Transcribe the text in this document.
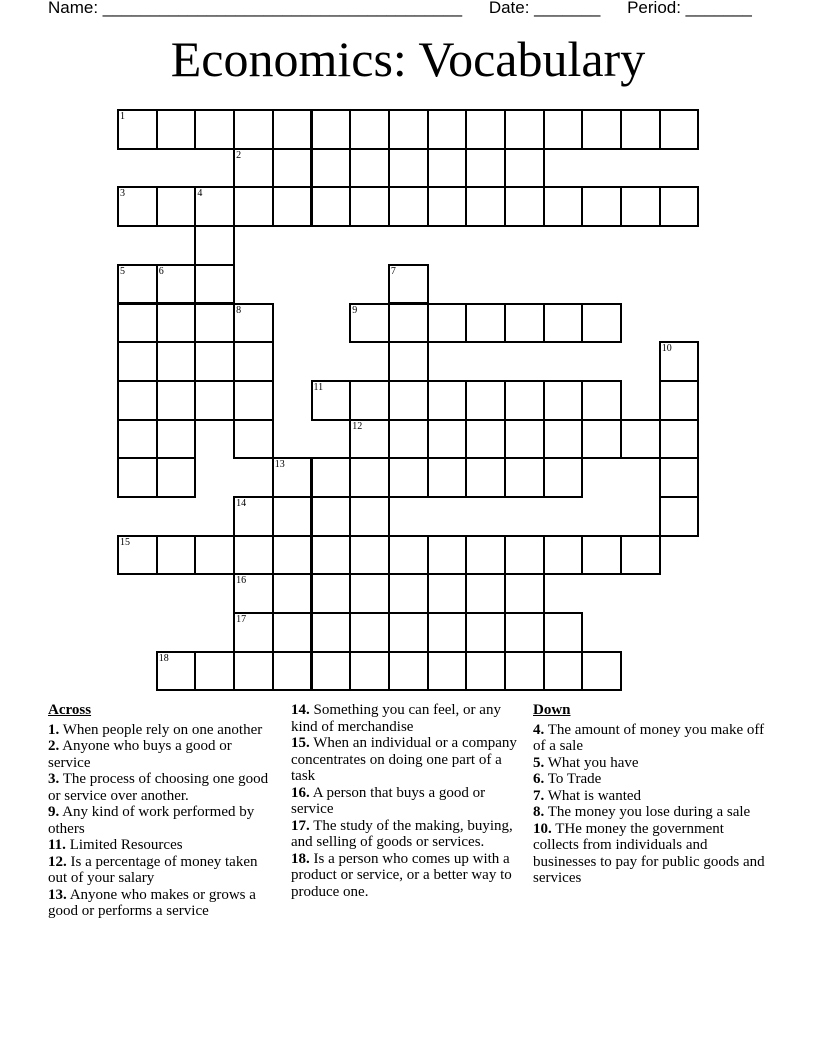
Name: ______________________________________ Date: _______ Period: _______
Economics: Vocabulary
1
2
3	4
5	6	7
8	9
10
11
12
13
14
15
16
17
18
Across
1. When people rely on one another
2. Anyone who buys a good or service
3. The process of choosing one good or service over another.
9. Any kind of work performed by others
11. Limited Resources
12. Is a percentage of money taken out of your salary
13. Anyone who makes or grows a good or performs a service
14. Something you can feel, or any kind of merchandise
15. When an individual or a company concentrates on doing one part of a task
16. A person that buys a good or service
17. The study of the making, buying, and selling of goods or services.
18. Is a person who comes up with a product or service, or a better way to produce one.
Down
4. The amount of money you make off of a sale
5. What you have
6. To Trade
7. What is wanted
8. The money you lose during a sale
10. THe money the government collects from individuals and businesses to pay for public goods and services
